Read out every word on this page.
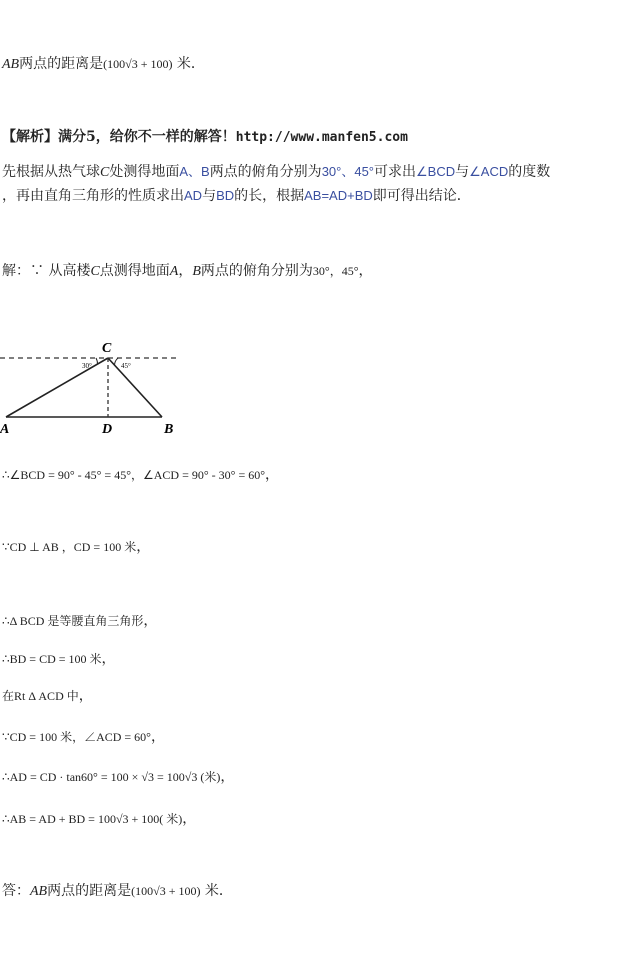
AB两点的距离是(100√3 + 100) 米．
【解析】满分5，给你不一样的解答！http://www.manfen5.com
先根据从热气球C处测得地面A、B两点的俯角分别为30°、45°可求出∠BCD与∠ACD的度数
，再由直角三角形的性质求出AD与BD的长，根据AB=AD+BD即可得出结论．
解：∵ 从高楼C点测得地面A，B两点的俯角分别为30°，45°，
C
30°	45°
A	D	B
∴∠BCD = 90° - 45° = 45°，∠ACD = 90° - 30° = 60°，
∵CD ⊥ AB ，CD = 100 米，
∴Δ BCD 是等腰直角三角形，
∴BD = CD = 100 米，
在Rt Δ ACD 中，
∵CD = 100 米，∠ACD = 60°，
∴AD = CD · tan60° = 100 × √3 = 100√3 (米)，
∴AB = AD + BD = 100√3 + 100( 米)，
答：AB两点的距离是(100√3 + 100) 米．
